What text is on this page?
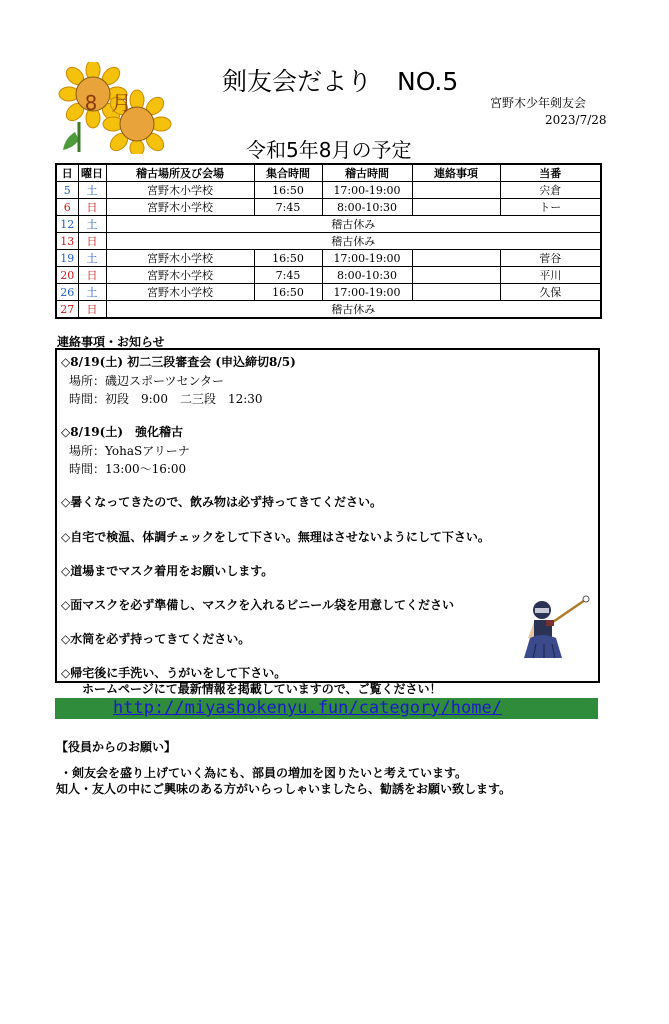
8月
剣友会だより　NO.5
宮野木少年剣友会
2023/7/28
令和5年8月の予定
日	曜日	稽古場所及び会場	集合時間	稽古時間	連絡事項	当番
5	土	宮野木小学校	16:50	17:00-19:00		宍倉
6	日	宮野木小学校	7:45	8:00-10:30		トー
12	土	稽古休み				
13	日	稽古休み				
19	土	宮野木小学校	16:50	17:00-19:00		菅谷
20	日	宮野木小学校	7:45	8:00-10:30		平川
26	土	宮野木小学校	16:50	17:00-19:00		久保
27	日	稽古休み				
連絡事項・お知らせ
◇8/19(土) 初二三段審査会 (申込締切8/5)
場所：磯辺スポーツセンター
時間：初段　9:00　二三段　12:30
◇8/19(土)　強化稽古
場所：YohaSアリーナ
時間：13:00～16:00
◇暑くなってきたので、飲み物は必ず持ってきてください。
◇自宅で検温、体調チェックをして下さい。無理はさせないようにして下さい。
◇道場までマスク着用をお願いします。
◇面マスクを必ず準備し、マスクを入れるビニール袋を用意してください
◇水筒を必ず持ってきてください。
◇帰宅後に手洗い、うがいをして下さい。
ホームページにて最新情報を掲載していますので、ご覧ください！
http://miyashokenyu.fun/category/home/
【役員からのお願い】
・剣友会を盛り上げていく為にも、部員の増加を図りたいと考えています。
知人・友人の中にご興味のある方がいらっしゃいましたら、勧誘をお願い致します。
